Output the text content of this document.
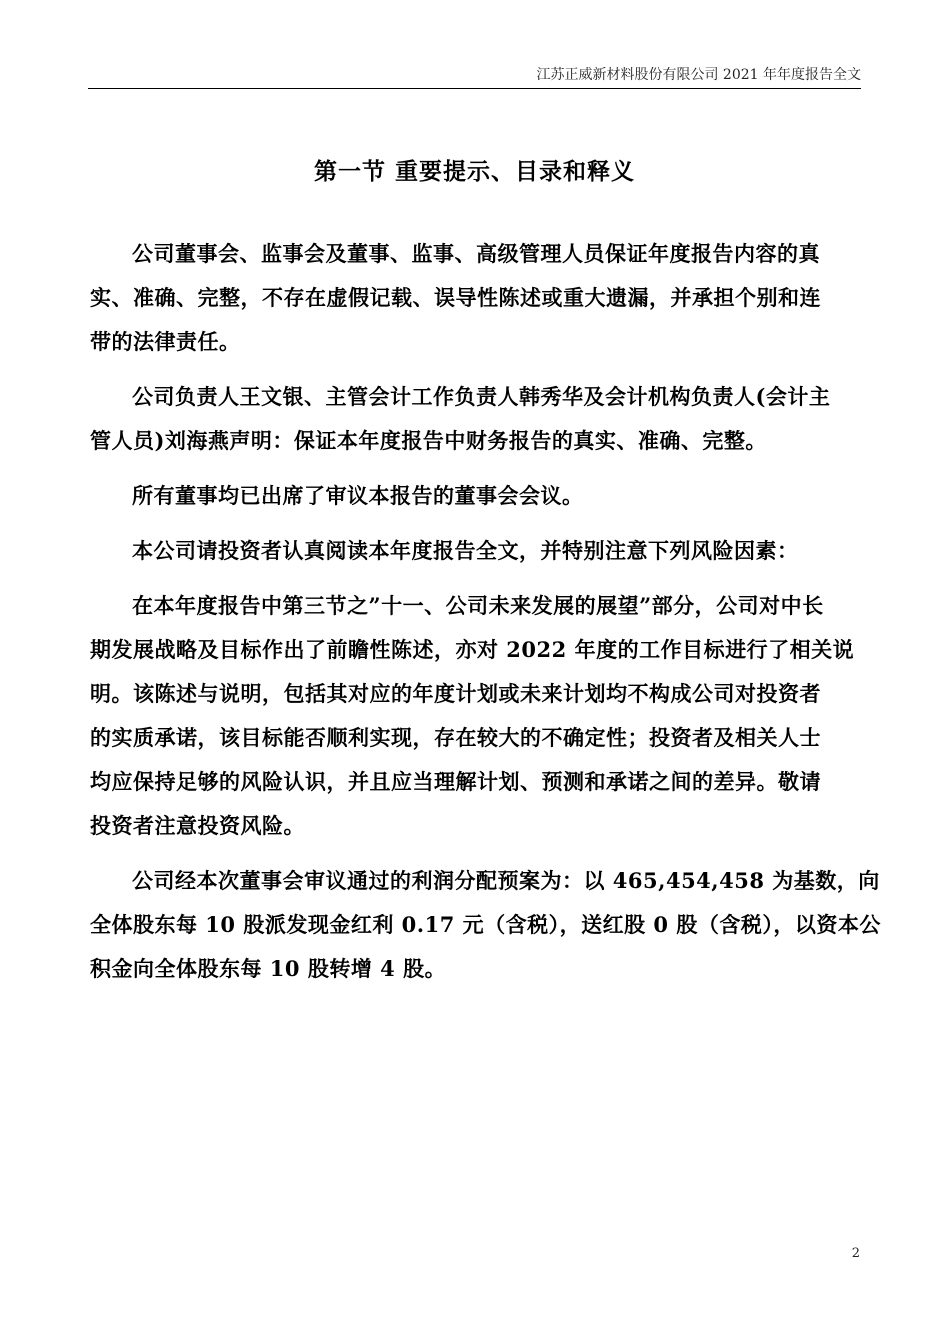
江苏正威新材料股份有限公司 2021 年年度报告全文
第一节 重要提示、目录和释义

公司董事会、监事会及董事、监事、高级管理人员保证年度报告内容的真
实、准确、完整，不存在虚假记载、误导性陈述或重大遗漏，并承担个别和连
带的法律责任。

公司负责人王文银、主管会计工作负责人韩秀华及会计机构负责人(会计主
管人员)刘海燕声明：保证本年度报告中财务报告的真实、准确、完整。

所有董事均已出席了审议本报告的董事会会议。

本公司请投资者认真阅读本年度报告全文，并特别注意下列风险因素：

在本年度报告中第三节之”十一、公司未来发展的展望”部分，公司对中长
期发展战略及目标作出了前瞻性陈述，亦对 2022 年度的工作目标进行了相关说
明。该陈述与说明，包括其对应的年度计划或未来计划均不构成公司对投资者
的实质承诺，该目标能否顺利实现，存在较大的不确定性；投资者及相关人士
均应保持足够的风险认识，并且应当理解计划、预测和承诺之间的差异。敬请
投资者注意投资风险。

公司经本次董事会审议通过的利润分配预案为：以 465,454,458 为基数，向
全体股东每 10 股派发现金红利 0.17 元（含税），送红股 0 股（含税），以资本公
积金向全体股东每 10 股转增 4 股。

2
